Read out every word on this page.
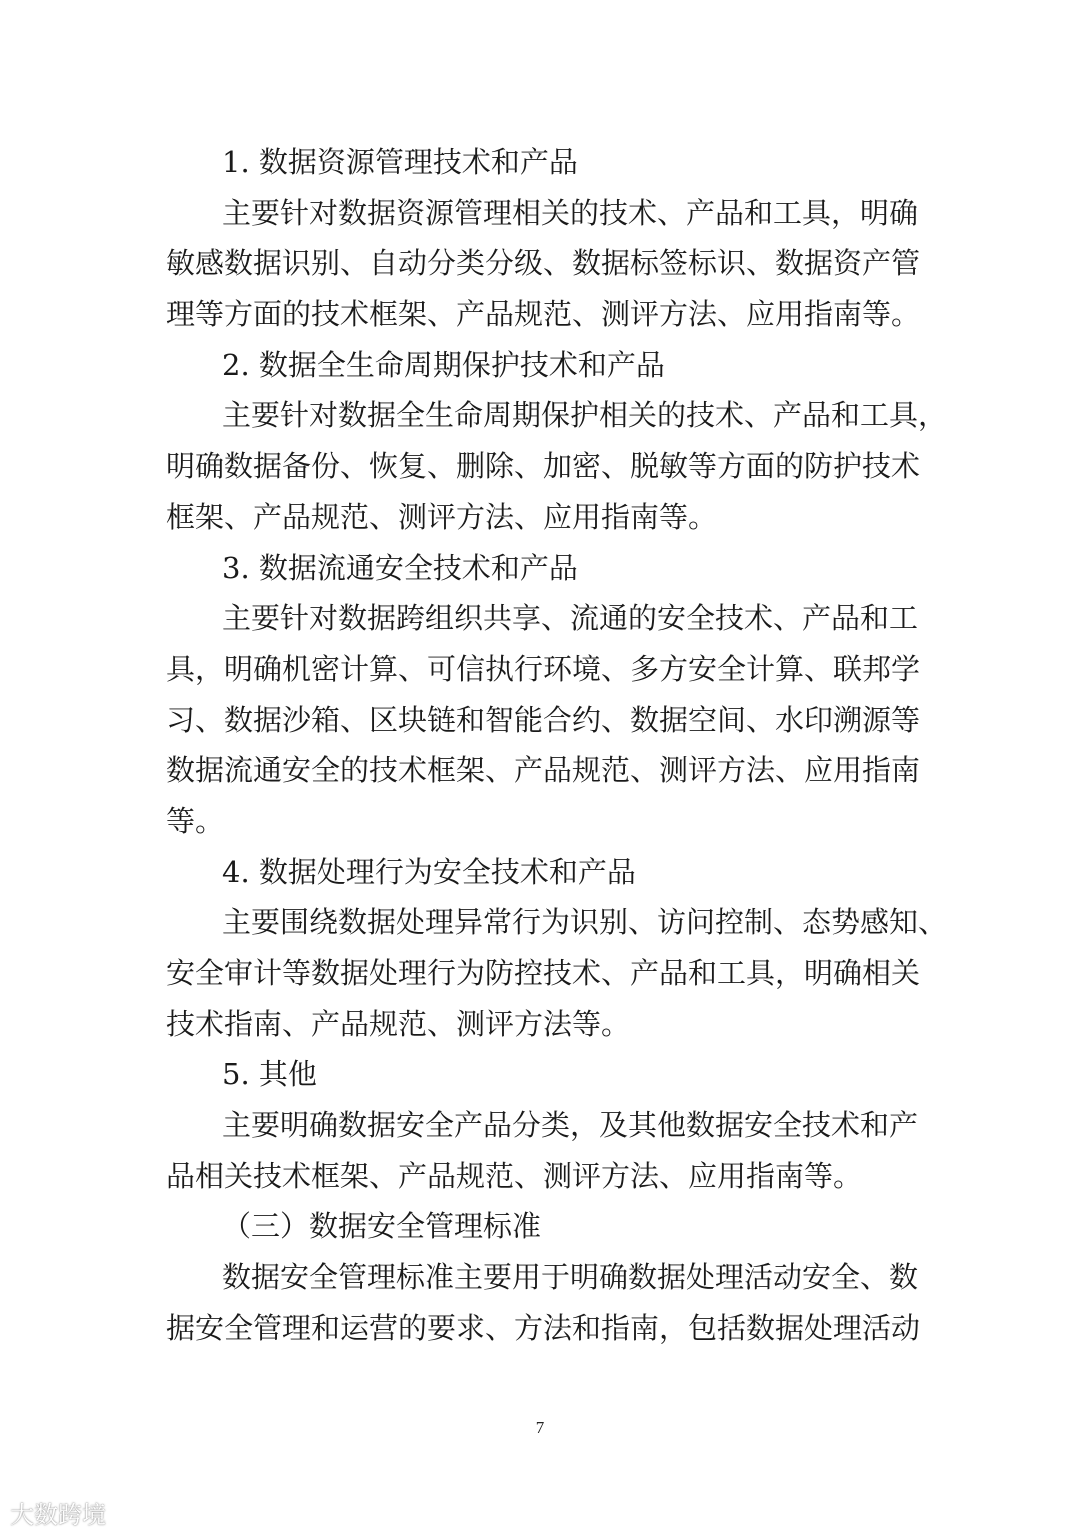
1. 数据资源管理技术和产品
主要针对数据资源管理相关的技术、产品和工具，明确
敏感数据识别、自动分类分级、数据标签标识、数据资产管
理等方面的技术框架、产品规范、测评方法、应用指南等。
2. 数据全生命周期保护技术和产品
主要针对数据全生命周期保护相关的技术、产品和工具，
明确数据备份、恢复、删除、加密、脱敏等方面的防护技术
框架、产品规范、测评方法、应用指南等。
3. 数据流通安全技术和产品
主要针对数据跨组织共享、流通的安全技术、产品和工
具，明确机密计算、可信执行环境、多方安全计算、联邦学
习、数据沙箱、区块链和智能合约、数据空间、水印溯源等
数据流通安全的技术框架、产品规范、测评方法、应用指南
等。
4. 数据处理行为安全技术和产品
主要围绕数据处理异常行为识别、访问控制、态势感知、
安全审计等数据处理行为防控技术、产品和工具，明确相关
技术指南、产品规范、测评方法等。
5. 其他
主要明确数据安全产品分类，及其他数据安全技术和产
品相关技术框架、产品规范、测评方法、应用指南等。
（三）数据安全管理标准
数据安全管理标准主要用于明确数据处理活动安全、数
据安全管理和运营的要求、方法和指南，包括数据处理活动
7
大数跨境
